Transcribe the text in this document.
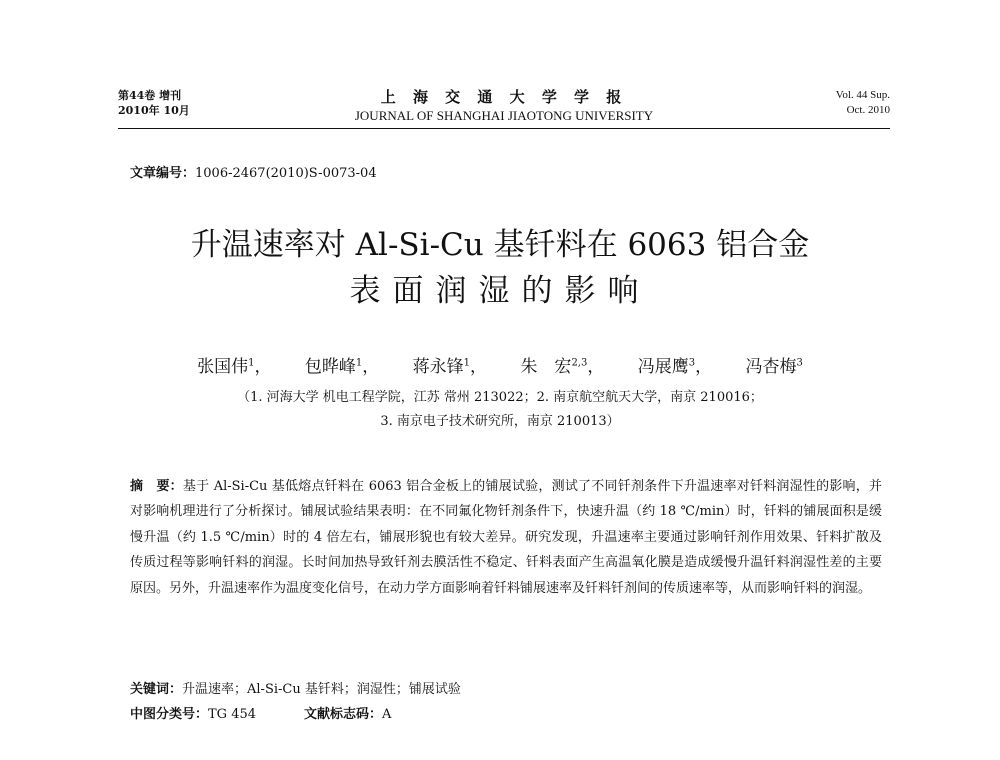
第44卷 增刊
2010年 10月
上 海 交 通 大 学 学 报
JOURNAL OF SHANGHAI JIAOTONG UNIVERSITY
Vol. 44 Sup.
Oct. 2010
文章编号：1006-2467(2010)S-0073-04
升温速率对 Al-Si-Cu 基钎料在 6063 铝合金
表面润湿的影响
张国伟$^1$， 包晔峰$^1$， 蒋永锋$^1$， 朱　宏$^{2,3}$， 冯展鹰$^3$， 冯杏梅$^3$
（1. 河海大学 机电工程学院，江苏 常州 213022；2. 南京航空航天大学，南京 210016；
3. 南京电子技术研究所，南京 210013）
摘　要：基于 Al-Si-Cu 基低熔点钎料在 6063 铝合金板上的铺展试验，测试了不同钎剂条件下升温速率对钎料润湿性的影响，并对影响机理进行了分析探讨。铺展试验结果表明：在不同氟化物钎剂条件下，快速升温（约 18 ℃/min）时，钎料的铺展面积是缓慢升温（约 1.5 ℃/min）时的 4 倍左右，铺展形貌也有较大差异。研究发现，升温速率主要通过影响钎剂作用效果、钎料扩散及传质过程等影响钎料的润湿。长时间加热导致钎剂去膜活性不稳定、钎料表面产生高温氧化膜是造成缓慢升温钎料润湿性差的主要原因。另外，升温速率作为温度变化信号，在动力学方面影响着钎料铺展速率及钎料钎剂间的传质速率等，从而影响钎料的润湿。
关键词：升温速率；Al-Si-Cu 基钎料；润湿性；铺展试验
中图分类号：TG 454	文献标志码：A
